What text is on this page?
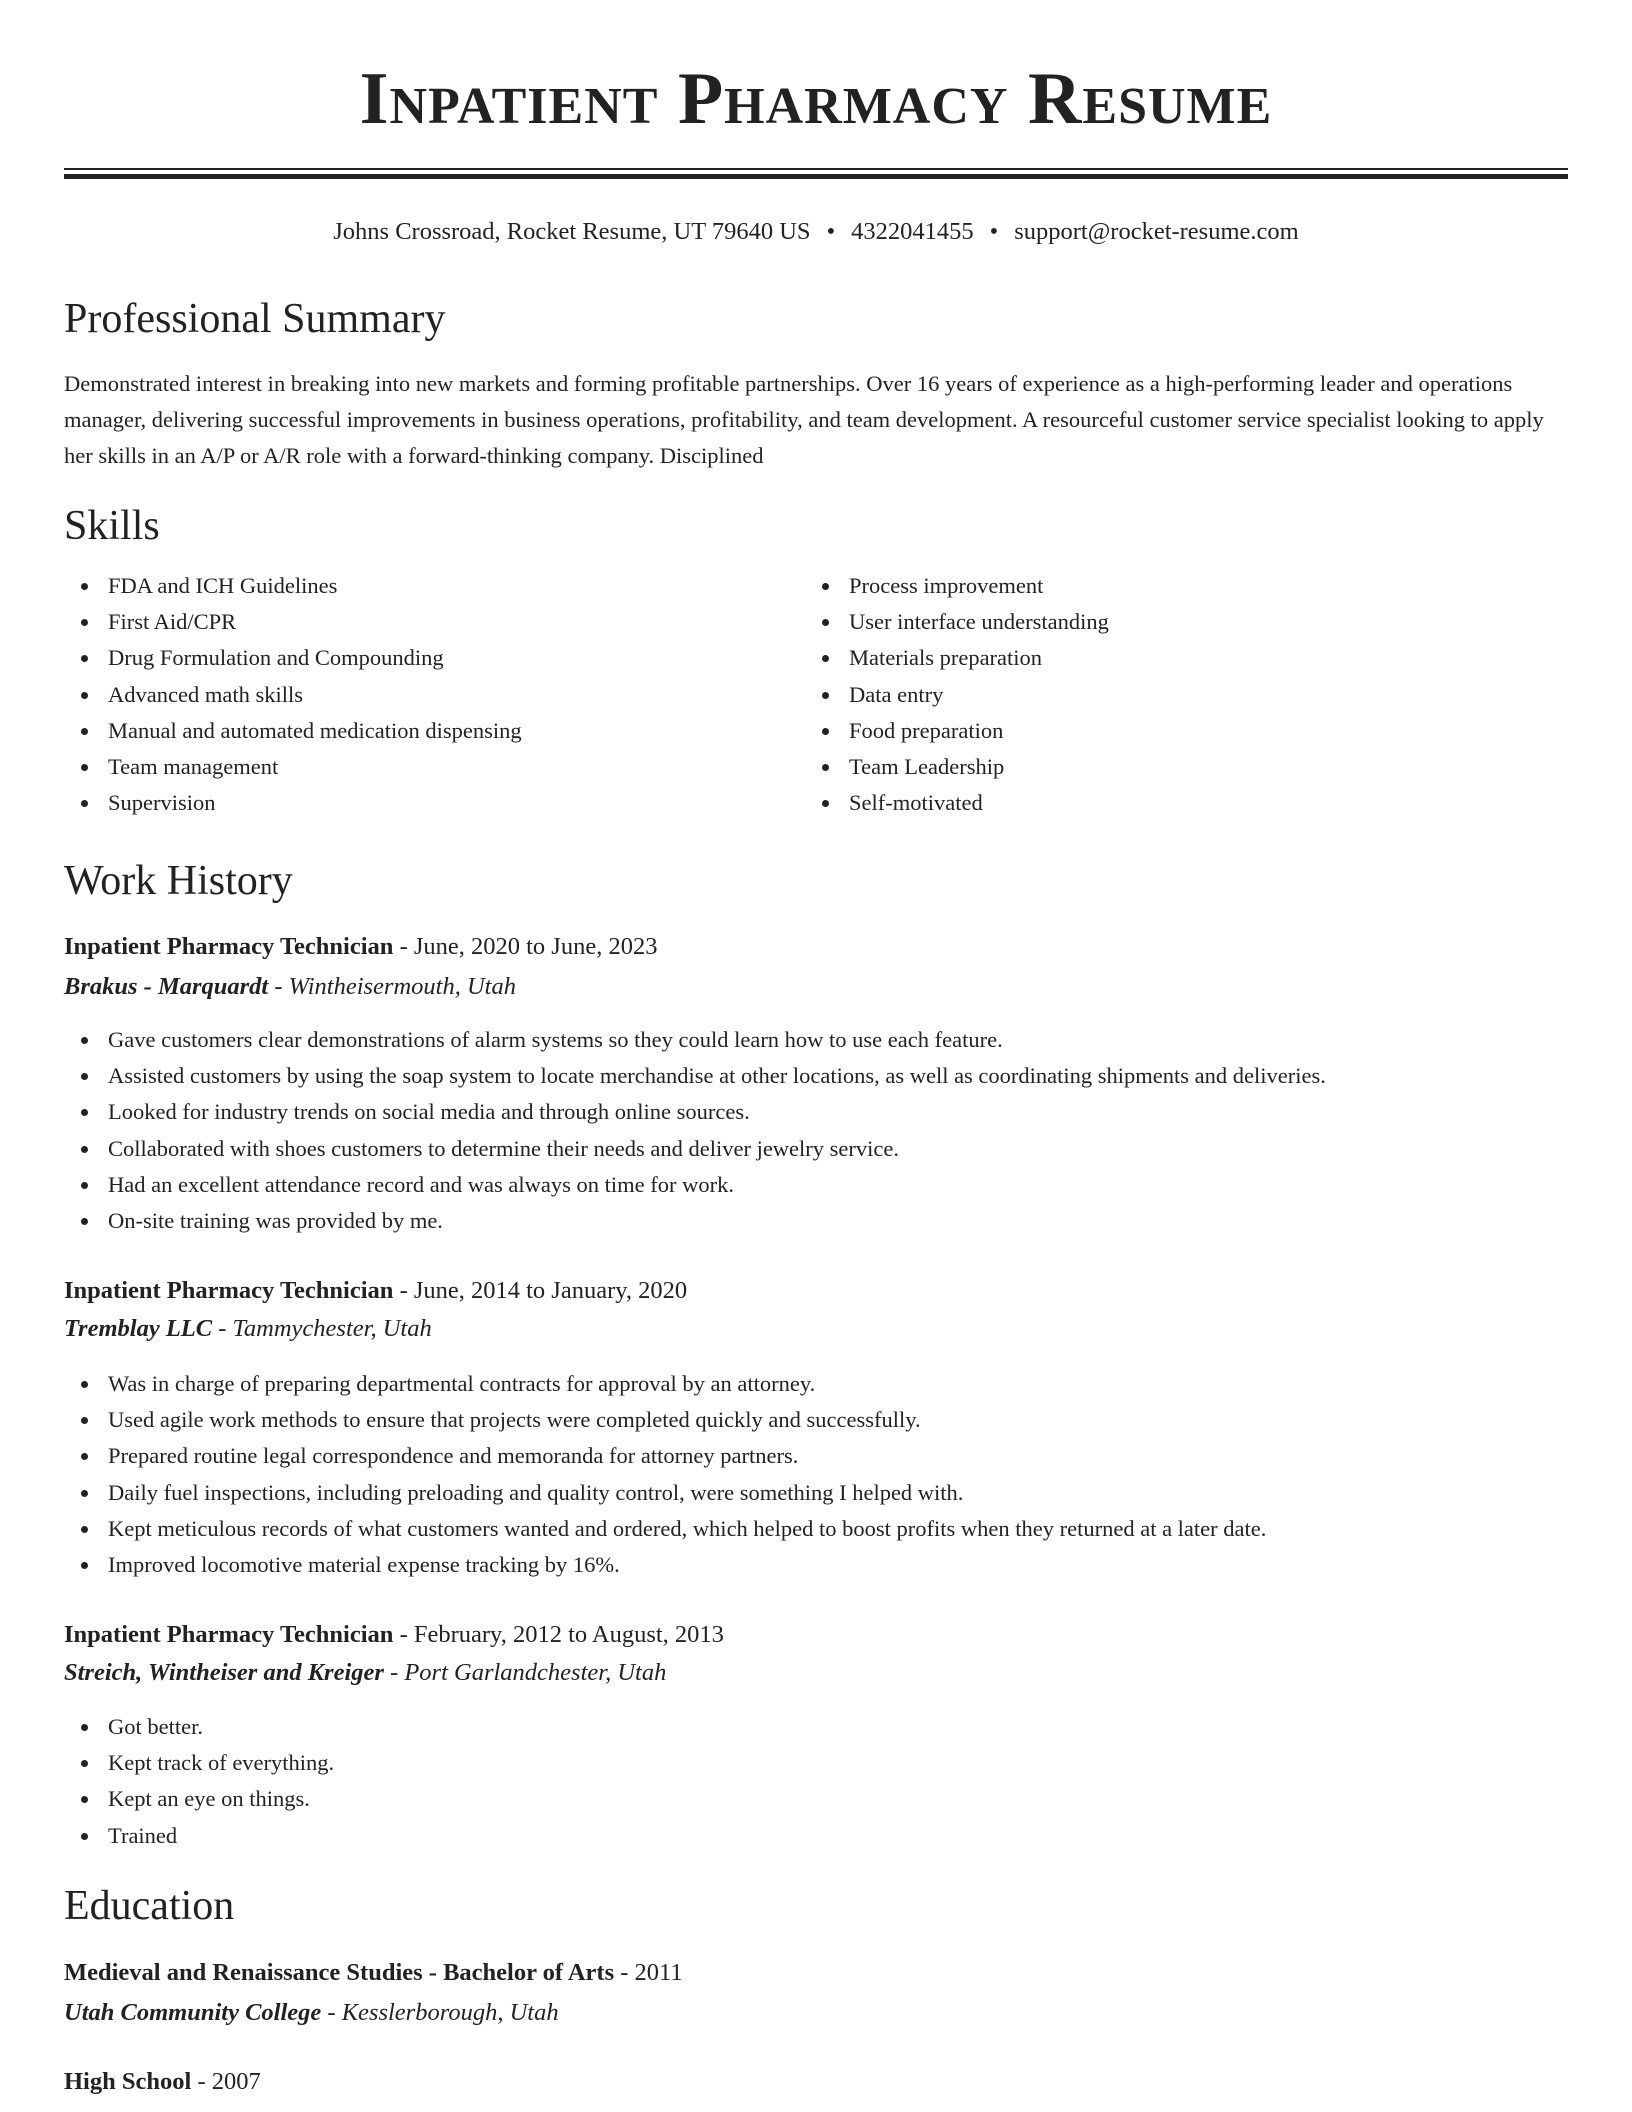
Inpatient Pharmacy Resume
Johns Crossroad, Rocket Resume, UT 79640 US • 4322041455 • support@rocket-resume.com
Professional Summary
Demonstrated interest in breaking into new markets and forming profitable partnerships. Over 16 years of experience as a high-performing leader and operations manager, delivering successful improvements in business operations, profitability, and team development. A resourceful customer service specialist looking to apply her skills in an A/P or A/R role with a forward-thinking company. Disciplined
Skills
FDA and ICH Guidelines
First Aid/CPR
Drug Formulation and Compounding
Advanced math skills
Manual and automated medication dispensing
Team management
Supervision
Process improvement
User interface understanding
Materials preparation
Data entry
Food preparation
Team Leadership
Self-motivated
Work History
Inpatient Pharmacy Technician - June, 2020 to June, 2023
Brakus - Marquardt - Wintheisermouth, Utah
Gave customers clear demonstrations of alarm systems so they could learn how to use each feature.
Assisted customers by using the soap system to locate merchandise at other locations, as well as coordinating shipments and deliveries.
Looked for industry trends on social media and through online sources.
Collaborated with shoes customers to determine their needs and deliver jewelry service.
Had an excellent attendance record and was always on time for work.
On-site training was provided by me.
Inpatient Pharmacy Technician - June, 2014 to January, 2020
Tremblay LLC - Tammychester, Utah
Was in charge of preparing departmental contracts for approval by an attorney.
Used agile work methods to ensure that projects were completed quickly and successfully.
Prepared routine legal correspondence and memoranda for attorney partners.
Daily fuel inspections, including preloading and quality control, were something I helped with.
Kept meticulous records of what customers wanted and ordered, which helped to boost profits when they returned at a later date.
Improved locomotive material expense tracking by 16%.
Inpatient Pharmacy Technician - February, 2012 to August, 2013
Streich, Wintheiser and Kreiger - Port Garlandchester, Utah
Got better.
Kept track of everything.
Kept an eye on things.
Trained
Education
Medieval and Renaissance Studies - Bachelor of Arts - 2011
Utah Community College - Kesslerborough, Utah
High School - 2007
